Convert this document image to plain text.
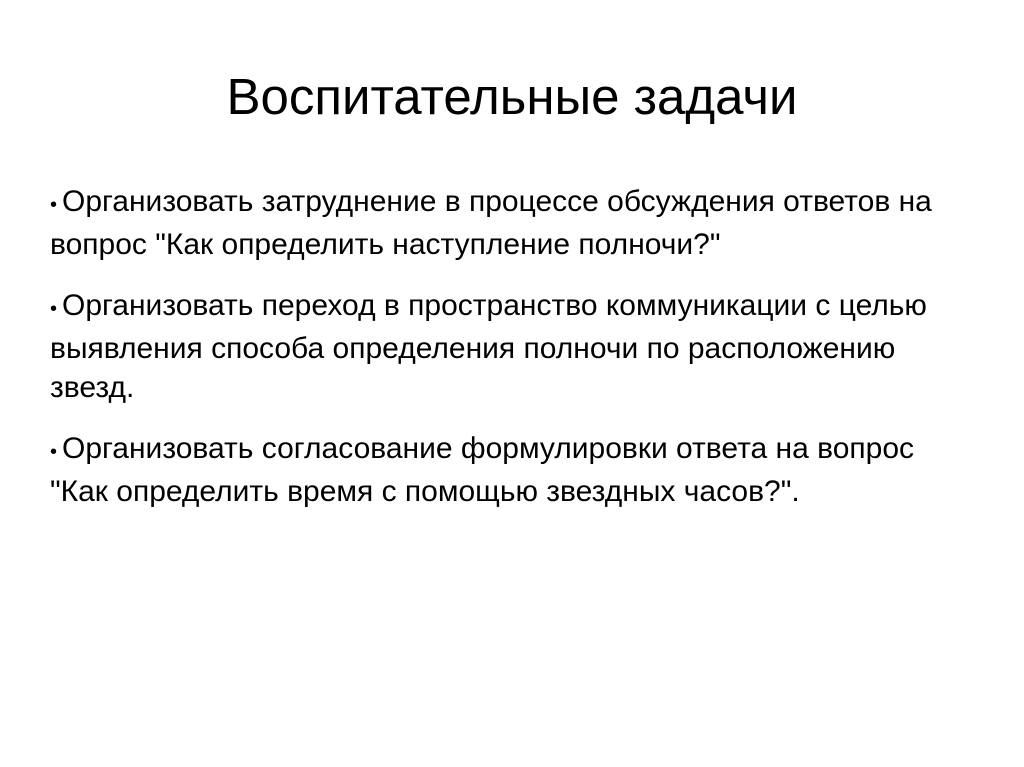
Воспитательные задачи
• Организовать затруднение в процессе обсуждения ответов на вопрос "Как определить наступление полночи?"
• Организовать переход в пространство коммуникации с целью выявления способа определения полночи по расположению звезд.
• Организовать согласование формулировки ответа на вопрос "Как определить время с помощью звездных часов?".
